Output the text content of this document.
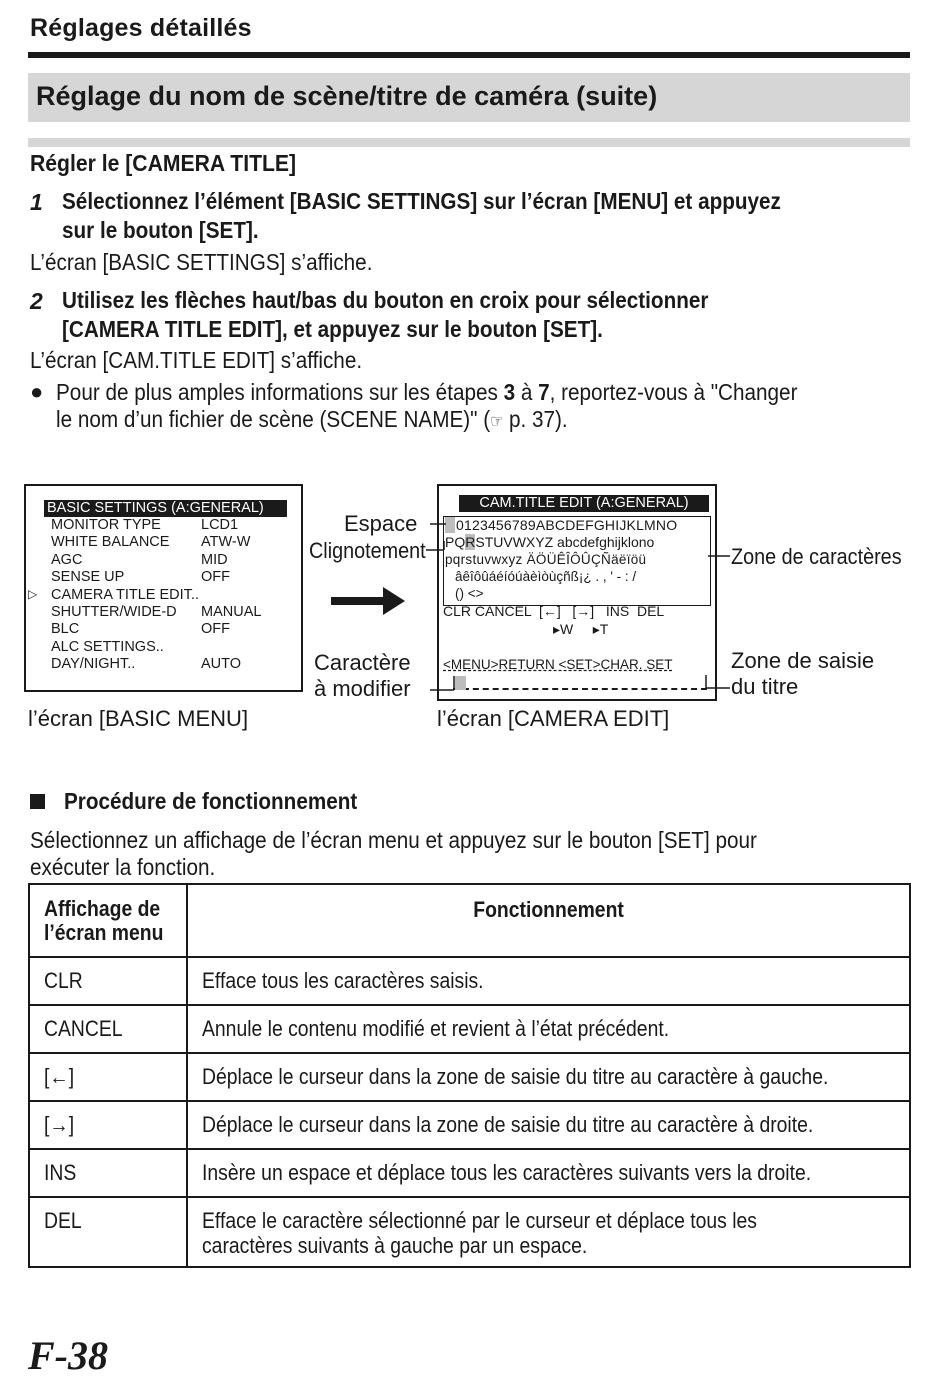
Réglages détaillés
Réglage du nom de scène/titre de caméra (suite)
Régler le [CAMERA TITLE]
1 Sélectionnez l’élément [BASIC SETTINGS] sur l’écran [MENU] et appuyez
sur le bouton [SET].
L’écran [BASIC SETTINGS] s’affiche.
2 Utilisez les flèches haut/bas du bouton en croix pour sélectionner
[CAMERA TITLE EDIT], et appuyez sur le bouton [SET].
L’écran [CAM.TITLE EDIT] s’affiche.
● Pour de plus amples informations sur les étapes 3 à 7, reportez-vous à "Changer
le nom d’un fichier de scène (SCENE NAME)" (☞ p. 37).
BASIC SETTINGS (A:GENERAL)
▷
MONITOR TYPE	LCD1
WHITE BALANCE ATW-W
AGC	MID
SENSE UP	OFF
CAMERA TITLE EDIT..
SHUTTER/WIDE-D MANUAL
BLC	OFF
ALC SETTINGS..
DAY/NIGHT..	AUTO
l’écran [BASIC MENU]
CAM.TITLE EDIT (A:GENERAL)
0123456789ABCDEFGHIJKLMNO
PQRSTUVWXYZ abcdefghijklono
pqrstuvwxyz ÄÖÜÊÎÔÛÇÑäëïöü
âêîôûáéíóúàèìòùçñß¡¿ . , ' - : /
() <>
CLR CANCEL  [←]   [→]   INS  DEL
▸W     ▸T
<MENU>RETURN <SET>CHAR. SET
l’écran [CAMERA EDIT]
Espace
Clignotement	Zone de caractères
Caractère
à modifier
Zone de saisie
du titre
Procédure de fonctionnement
Sélectionnez un affichage de l’écran menu et appuyez sur le bouton [SET] pour
exécuter la fonction.
Affichage de
l’écran menu	Fonctionnement
CLR	Efface tous les caractères saisis.

CANCEL	Annule le contenu modifié et revient à l’état précédent.

[←]	Déplace le curseur dans la zone de saisie du titre au caractère à gauche.

[→]	Déplace le curseur dans la zone de saisie du titre au caractère à droite.

INS	Insère un espace et déplace tous les caractères suivants vers la droite.

DEL	Efface le caractère sélectionné par le curseur et déplace tous les
caractères suivants à gauche par un espace.
F-38
